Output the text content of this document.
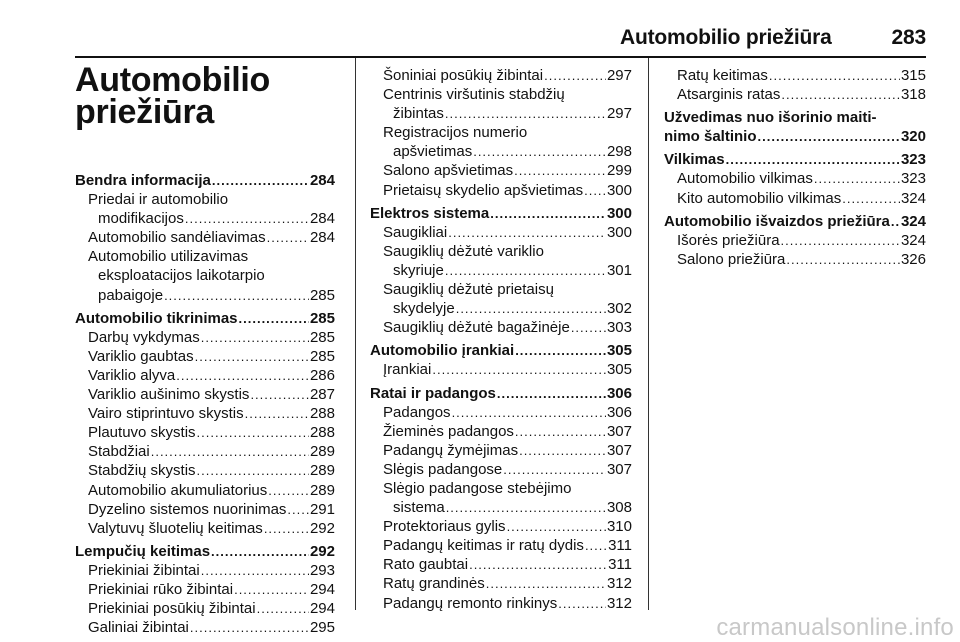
Automobilio priežiūra	283
Automobilio
priežiūra
Bendra informacija .....	284
Priedai ir automobilio
modifikacijos .....	284
Automobilio sandėliavimas .....	284
Automobilio utilizavimas
eksploatacijos laikotarpio
pabaigoje .....	285
Automobilio tikrinimas .....	285
Darbų vykdymas .....	285
Variklio gaubtas .....	285
Variklio alyva .....	286
Variklio aušinimo skystis .....	287
Vairo stiprintuvo skystis .....	288
Plautuvo skystis .....	288
Stabdžiai .....	289
Stabdžių skystis .....	289
Automobilio akumuliatorius .....	289
Dyzelino sistemos nuorinimas ..... 291
Valytuvų šluotelių keitimas .....	292
Lempučių keitimas .....	292
Priekiniai žibintai .....	293
Priekiniai rūko žibintai .....	294
Priekiniai posūkių žibintai .....	294
Galiniai žibintai .....	295
Šoniniai posūkių žibintai .....	297
Centrinis viršutinis stabdžių
žibintas .....	297
Registracijos numerio
apšvietimas .....	298
Salono apšvietimas .....	299
Prietaisų skydelio apšvietimas ..... 300
Elektros sistema .....	300
Saugikliai .....	300
Saugiklių dėžutė variklio
skyriuje .....	301
Saugiklių dėžutė prietaisų
skydelyje .....	302
Saugiklių dėžutė bagažinėje ..... 303
Automobilio įrankiai .....	305
Įrankiai .....	305
Ratai ir padangos .....	306
Padangos .....	306
Žieminės padangos .....	307
Padangų žymėjimas .....	307
Slėgis padangose .....	307
Slėgio padangose stebėjimo
sistema .....	308
Protektoriaus gylis .....	310
Padangų keitimas ir ratų dydis ..... 311
Rato gaubtai .....	311
Ratų grandinės .....	312
Padangų remonto rinkinys .....	312
Ratų keitimas .....	315
Atsarginis ratas .....	318
Užvedimas nuo išorinio maiti-
nimo šaltinio .....	320
Vilkimas .....	323
Automobilio vilkimas .....	323
Kito automobilio vilkimas .....	324
Automobilio išvaizdos priežiūra ..... 324
Išorės priežiūra .....	324
Salono priežiūra .....	326
carmanualsonline.info
